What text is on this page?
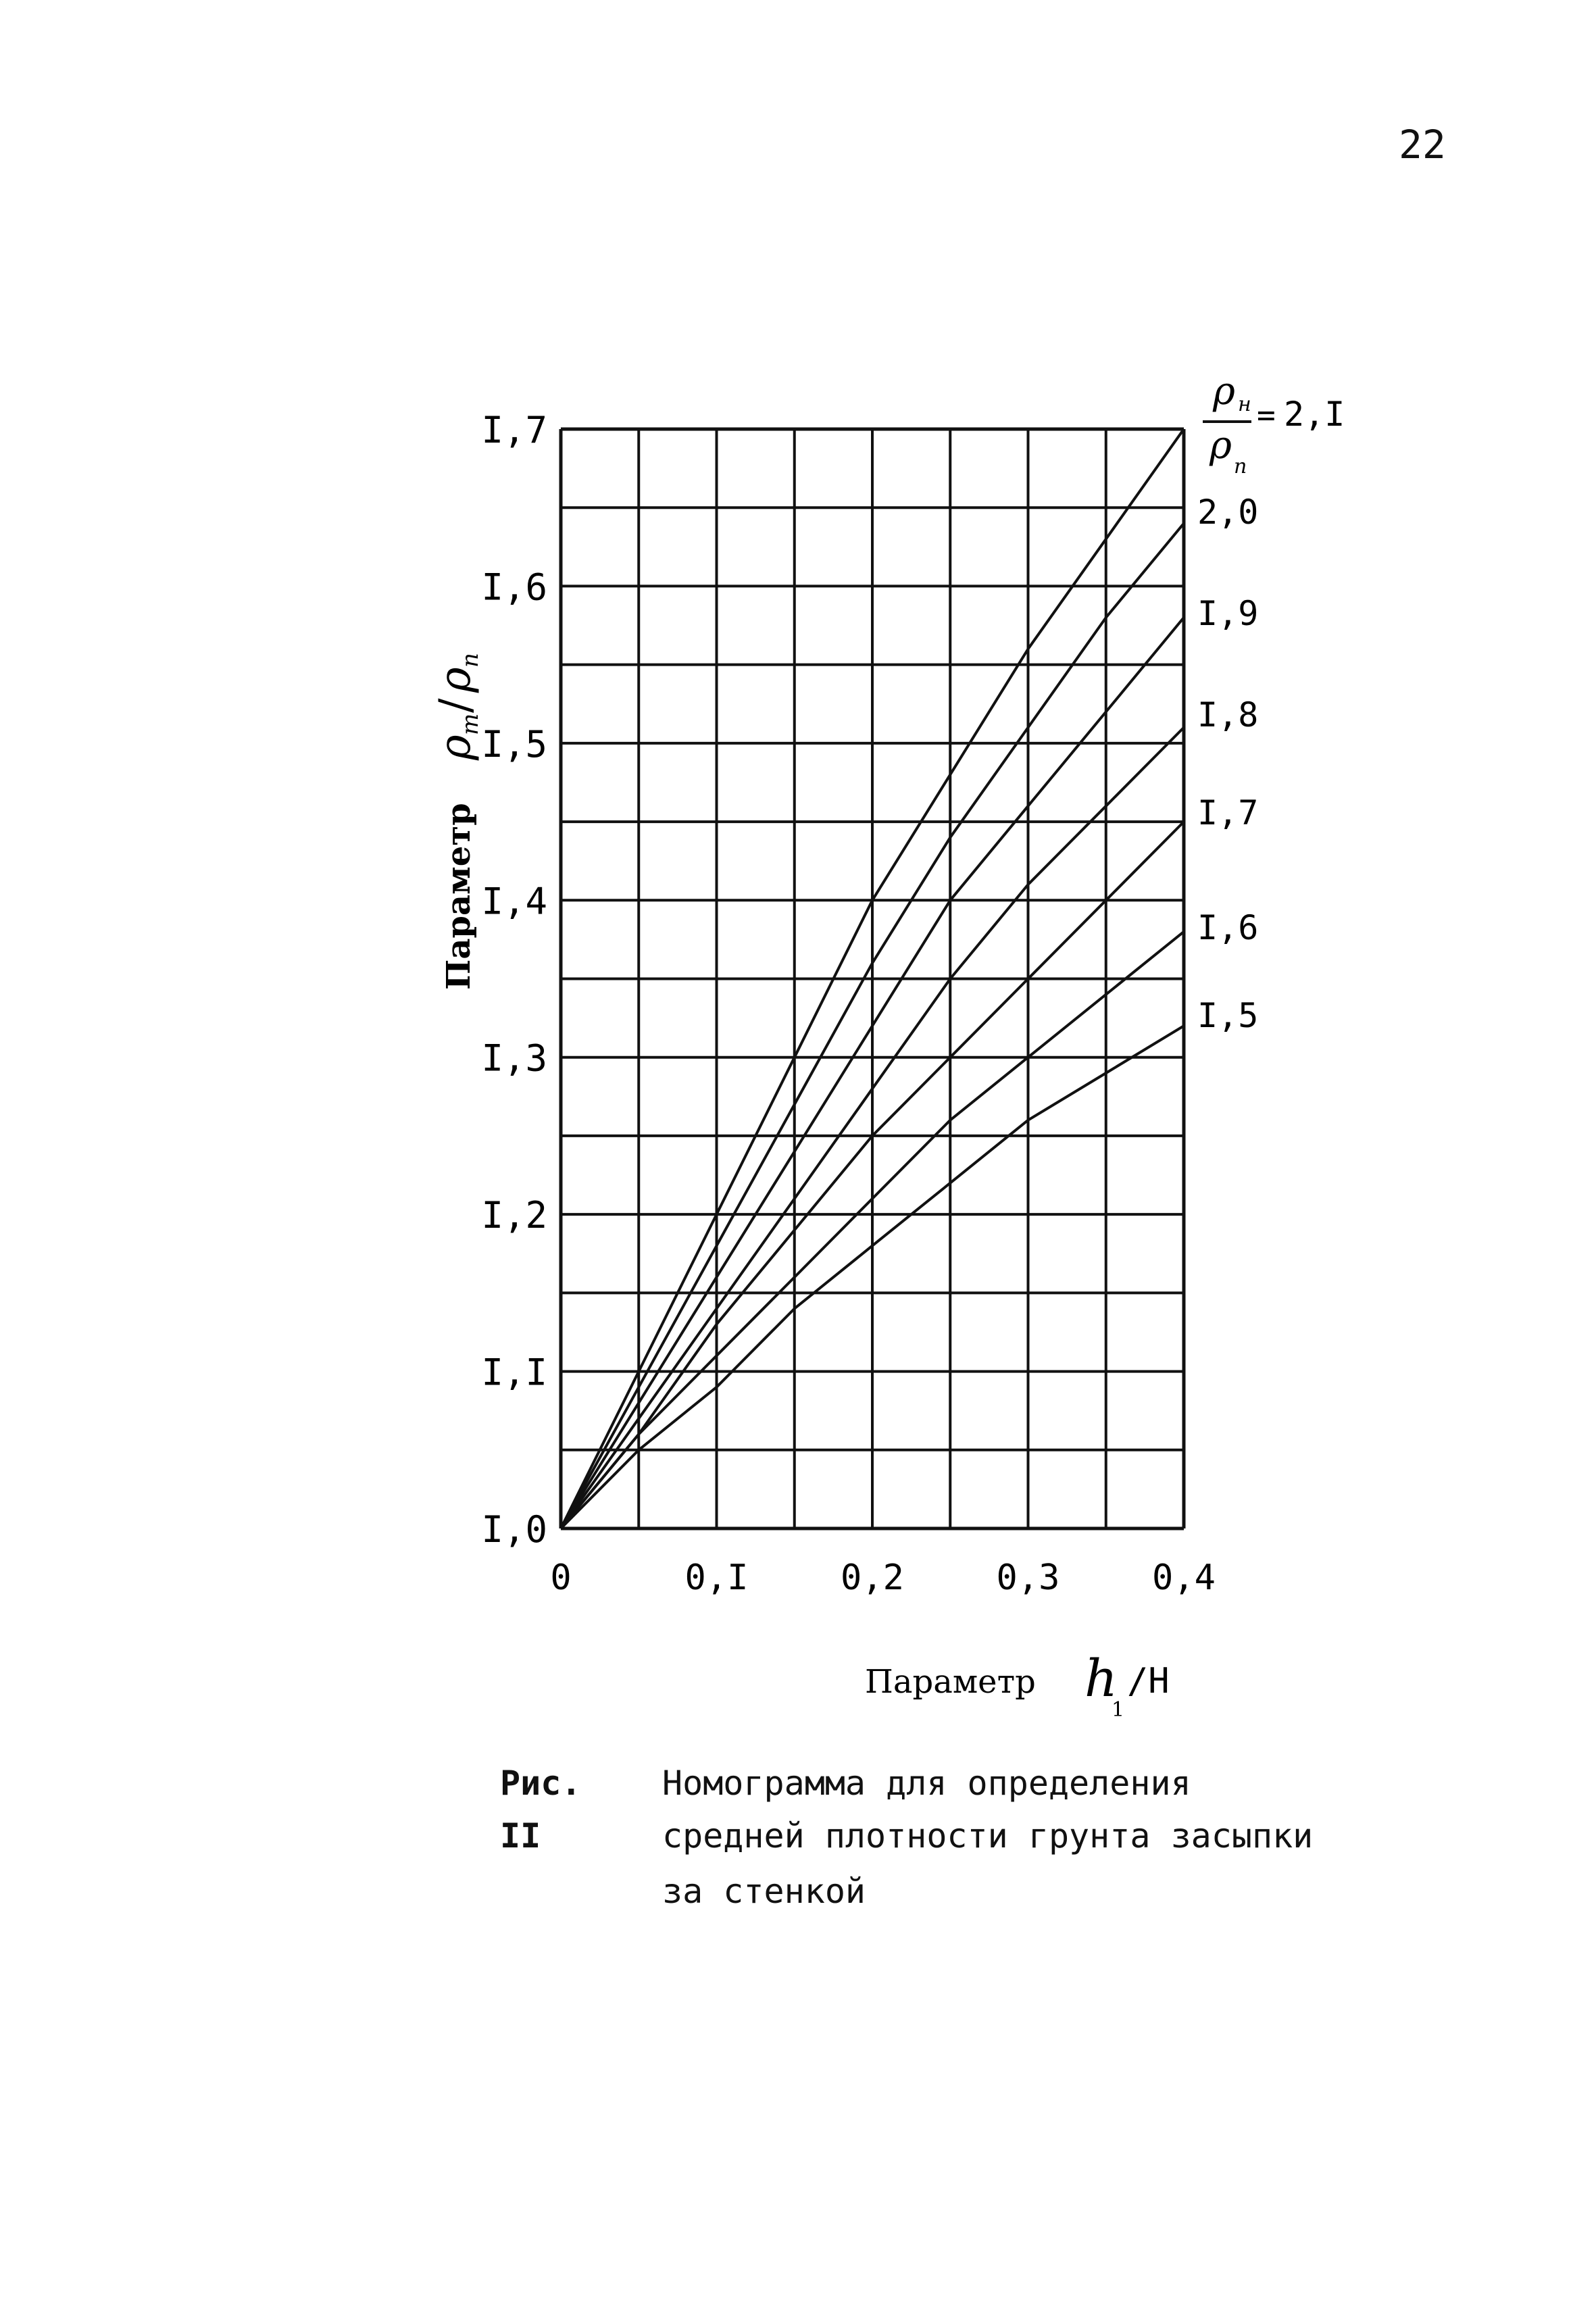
22
0	0,I	0,2	0,3	0,4
I,0
I,I
I,2
I,3
I,4
I,5
I,6
I,7	2,I
2,0
I,9
I,8
I,7
I,6
I,5
ρ н
ρ п
=
Параметр
ρ
m
/
ρ
n
Параметр h
1
/H
Рис. II
Номограмма для определения
средней плотности грунта засыпки
за стенкой
